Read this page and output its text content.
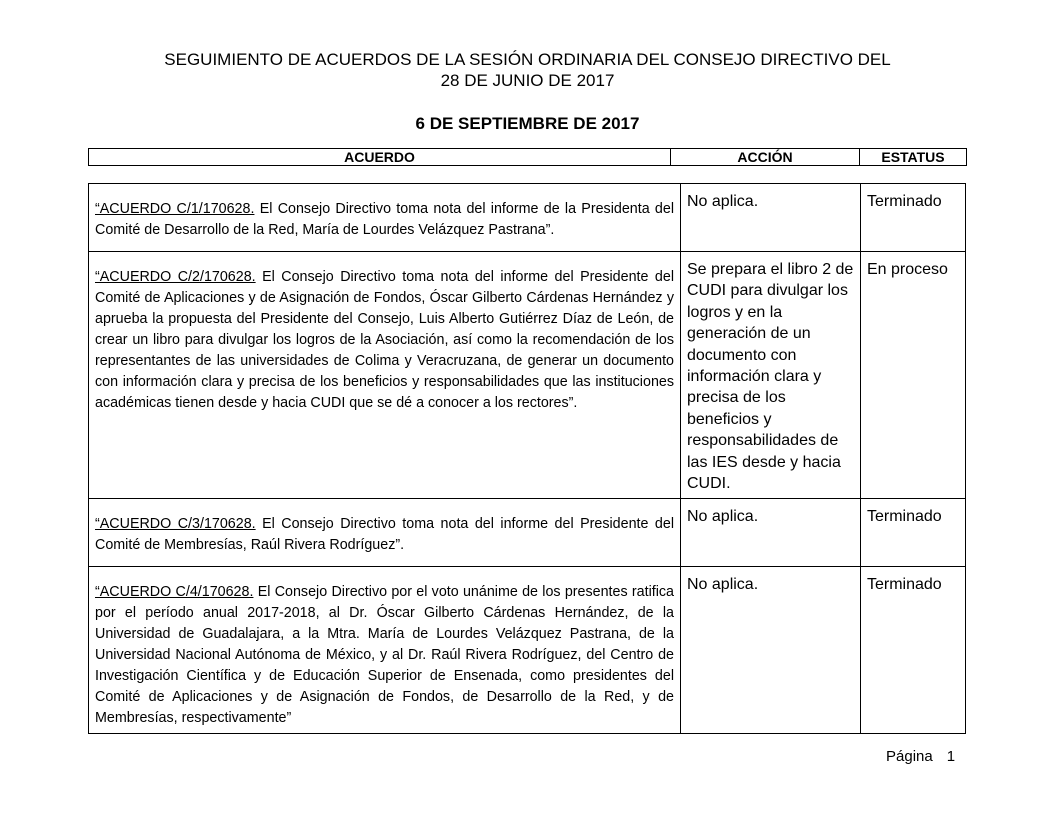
SEGUIMIENTO DE ACUERDOS DE LA SESIÓN ORDINARIA DEL CONSEJO DIRECTIVO DEL
28 DE JUNIO DE 2017
6 DE SEPTIEMBRE DE 2017
ACUERDO	ACCIÓN	ESTATUS
“ACUERDO C/1/170628. El Consejo Directivo toma nota del informe de la Presidenta del Comité de Desarrollo de la Red, María de Lourdes Velázquez Pastrana”.	No aplica.	Terminado
“ACUERDO C/2/170628. El Consejo Directivo toma nota del informe del Presidente del Comité de Aplicaciones y de Asignación de Fondos, Óscar Gilberto Cárdenas Hernández y aprueba la propuesta del Presidente del Consejo, Luis Alberto Gutiérrez Díaz de León, de crear un libro para divulgar los logros de la Asociación, así como la recomendación de los representantes de las universidades de Colima y Veracruzana, de generar un documento con información clara y precisa de los beneficios y responsabilidades que las instituciones académicas tienen desde y hacia CUDI que se dé a conocer a los rectores”.	Se prepara el libro 2 de CUDI para divulgar los logros y en la generación de un documento con información clara y precisa de los beneficios y responsabilidades de las IES desde y hacia CUDI.	En proceso
“ACUERDO C/3/170628. El Consejo Directivo toma nota del informe del Presidente del Comité de Membresías, Raúl Rivera Rodríguez”.	No aplica.	Terminado
“ACUERDO C/4/170628. El Consejo Directivo por el voto unánime de los presentes ratifica por el período anual 2017-2018, al Dr. Óscar Gilberto Cárdenas Hernández, de la Universidad de Guadalajara, a la Mtra. María de Lourdes Velázquez Pastrana, de la Universidad Nacional Autónoma de México, y al Dr. Raúl Rivera Rodríguez, del Centro de Investigación Científica y de Educación Superior de Ensenada, como presidentes del Comité de Aplicaciones y de Asignación de Fondos, de Desarrollo de la Red, y de Membresías, respectivamente”	No aplica.	Terminado
Página 1
